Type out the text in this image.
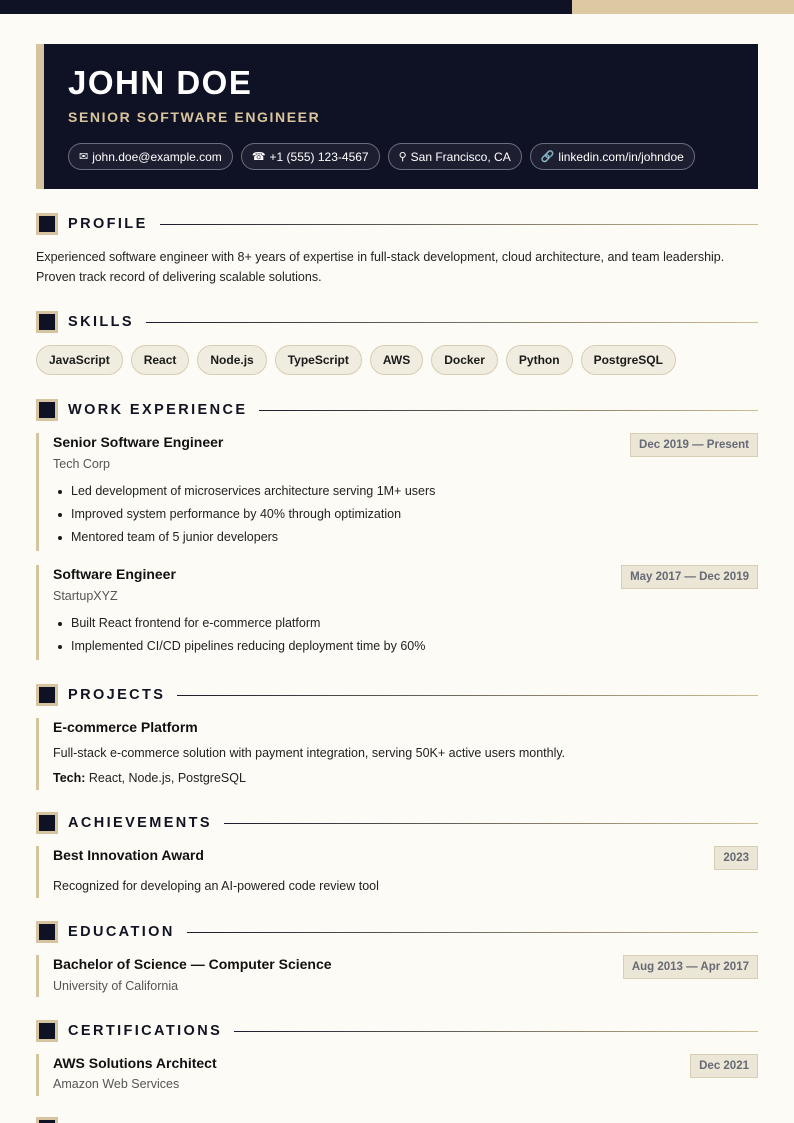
JOHN DOE
SENIOR SOFTWARE ENGINEER
✉ john.doe@example.com	☎ +1 (555) 123-4567	⚲ San Francisco, CA	🔗 linkedin.com/in/johndoe
PROFILE
Experienced software engineer with 8+ years of expertise in full-stack development, cloud architecture, and team leadership. Proven track record of delivering scalable solutions.
SKILLS
JavaScript	React	Node.js	TypeScript	AWS	Docker	Python	PostgreSQL
WORK EXPERIENCE
Senior Software Engineer
Tech Corp
Dec 2019 — Present
Led development of microservices architecture serving 1M+ users
Improved system performance by 40% through optimization
Mentored team of 5 junior developers
Software Engineer
StartupXYZ
May 2017 — Dec 2019
Built React frontend for e-commerce platform
Implemented CI/CD pipelines reducing deployment time by 60%
PROJECTS
E-commerce Platform
Full-stack e-commerce solution with payment integration, serving 50K+ active users monthly.
Tech: React, Node.js, PostgreSQL
ACHIEVEMENTS
Best Innovation Award	2023
Recognized for developing an AI-powered code review tool
EDUCATION
Bachelor of Science — Computer Science
University of California
Aug 2013 — Apr 2017
CERTIFICATIONS
AWS Solutions Architect
Amazon Web Services
Dec 2021
